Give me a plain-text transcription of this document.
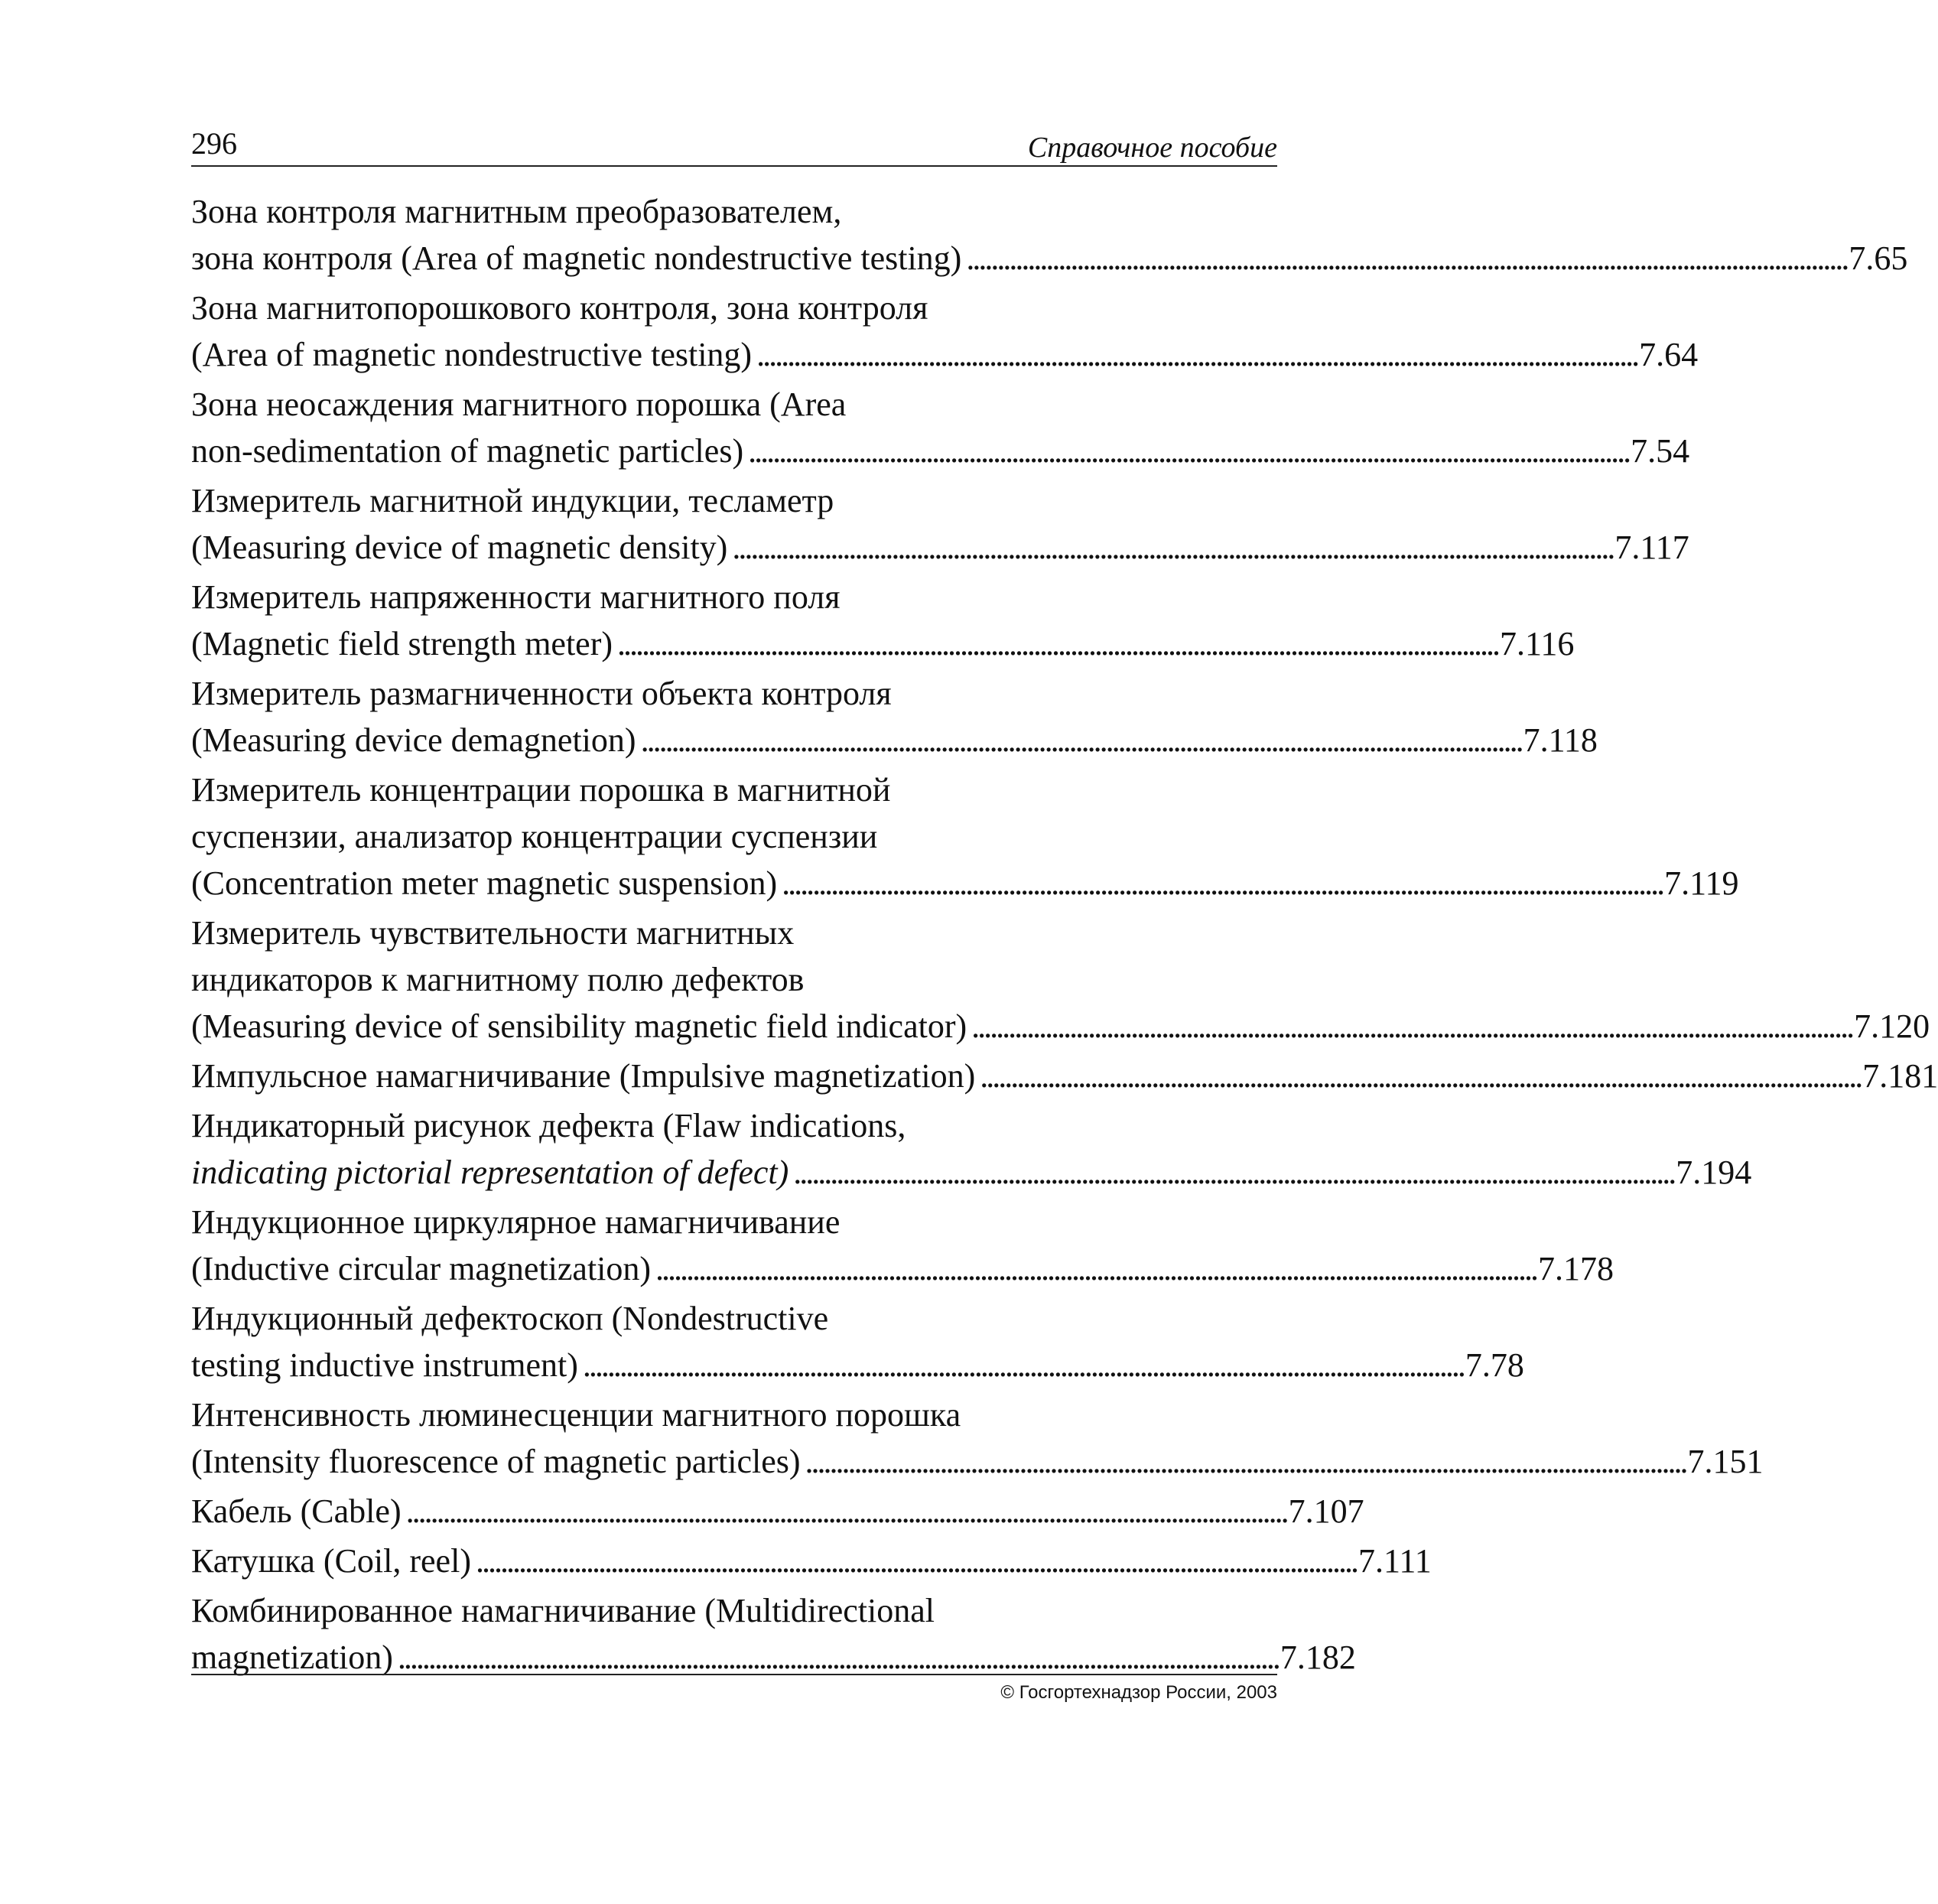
296	Справочное пособие
Зона контроля магнитным преобразователем,
зона контроля (Area of magnetic nondestructive testing) . . .	7.65
Зона магнитопорошкового контроля, зона контроля
(Area of magnetic nondestructive testing) . . .	7.64
Зона неосаждения магнитного порошка (Area
non-sedimentation of magnetic particles) . . .	7.54
Измеритель магнитной индукции, тесламетр
(Measuring device of magnetic density) . . .	7.117
Измеритель напряженности магнитного поля
(Magnetic field strength meter) . . .	7.116
Измеритель размагниченности объекта контроля
(Measuring device demagnetion) . . .	7.118
Измеритель концентрации порошка в магнитной
суспензии, анализатор концентрации суспензии
(Concentration meter magnetic suspension) . . .	7.119
Измеритель чувствительности магнитных
индикаторов к магнитному полю дефектов
(Measuring device of sensibility magnetic field indicator) . . .	7.120
Импульсное намагничивание (Impulsive magnetization) . . .	7.181
Индикаторный рисунок дефекта (Flaw indications,
indicating pictorial representation of defect) . . .	7.194
Индукционное циркулярное намагничивание
(Inductive circular magnetization) . . .	7.178
Индукционный дефектоскоп (Nondestructive
testing inductive instrument) . . .	7.78
Интенсивность люминесценции магнитного порошка
(Intensity fluorescence of magnetic particles) . . .	7.151
Кабель (Cable) . . .	7.107
Катушка (Coil, reel) . . .	7.111
Комбинированное намагничивание (Multidirectional
magnetization) . . .	7.182
© Госгортехнадзор России, 2003
